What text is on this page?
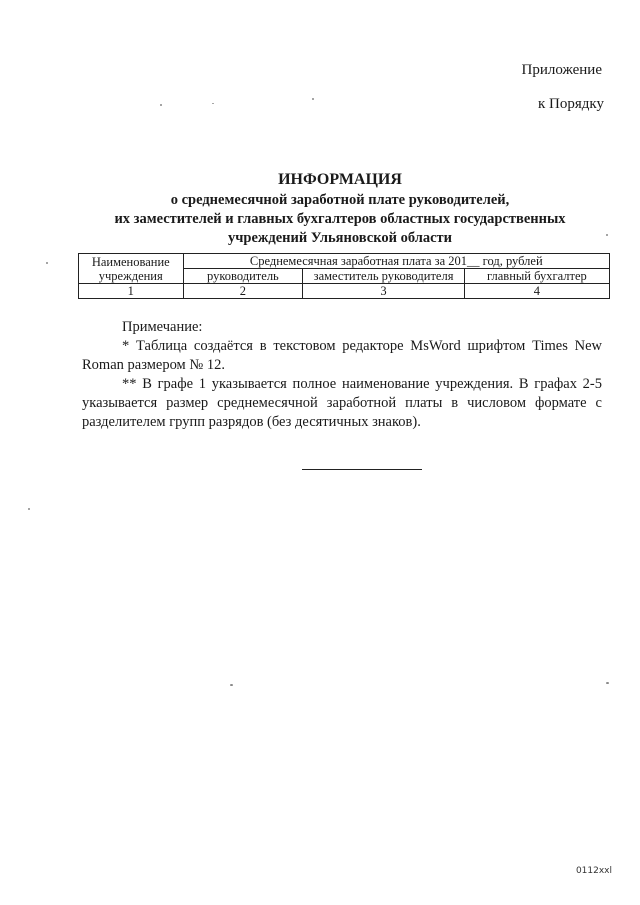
Приложение
к Порядку
ИНФОРМАЦИЯ
о среднемесячной заработной плате руководителей,
их заместителей и главных бухгалтеров областных государственных
учреждений Ульяновской области
Наименование учреждения	Среднемесячная заработная плата за 201__ год, рублей		
	руководитель	заместитель руководителя	главный бухгалтер
1	2	3	4

Примечание:

* Таблица создаётся в текстовом редакторе MsWord шрифтом Times New Roman размером № 12.

** В графе 1 указывается полное наименование учреждения. В графах 2-5 указывается размер среднемесячной заработной платы в числовом формате с разделителем групп разрядов (без десятичных знаков).

0112xxl
